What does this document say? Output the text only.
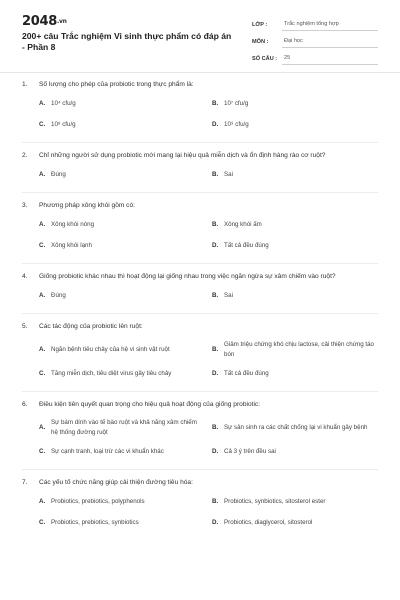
2048.vn
200+ câu Trắc nghiệm Vi sinh thực phẩm có đáp án - Phần 8
LỚP :	Trắc nghiệm tổng hợp
MÔN :	Đại học
SỐ CÂU :	25
1.	Số lượng cho phép của probiotic trong thực phẩm là:
A. 10⁴ cfu/g	B. 10⁷ cfu/g
C. 10⁸ cfu/g	D. 10⁹ cfu/g
2.	Chỉ những người sử dụng probiotic mới mang lại hiệu quả miễn dịch và ổn định hàng rào cơ ruột?
A. Đúng	B. Sai
3.	Phương pháp xông khói gồm có:
A. Xông khói nóng	B. Xông khói ấm
C. Xông khói lạnh	D. Tất cả đều đúng
4.	Giống probiotic khác nhau thì hoạt động lại giống nhau trong việc ngăn ngừa sự xâm chiếm vào ruột?
A. Đúng	B. Sai
5.	Các tác động của probiotic lên ruột:
A. Ngăn bệnh tiêu chảy của hệ vi sinh vật ruột	B.
Giảm triệu chứng khó chịu lactose, cải thiện chứng táo bón
C. Tăng miễn dịch, tiêu diệt virus gây tiêu chảy	D. Tất cả đều đúng
6.	Điều kiện tiên quyết quan trọng cho hiệu quả hoạt động của giống probiotic:
A.
Sự bám dính vào tế bào ruột và khả năng xâm chiếm hệ thống đường ruột
B. Sự sản sinh ra các chất chống lại vi khuẩn gây bệnh
C. Sự cạnh tranh, loại trừ các vi khuẩn khác	D. Cả 3 ý trên đều sai
7.	Các yếu tố chức năng giúp cải thiện đường tiêu hóa:
A. Probiotics, prebiotics, polyphenols	B. Probiotics, synbiotics, sitosterol ester
C. Probiotics, prebiotics, synbiotics	D. Probiotics, diaglycerol, sitosterol
